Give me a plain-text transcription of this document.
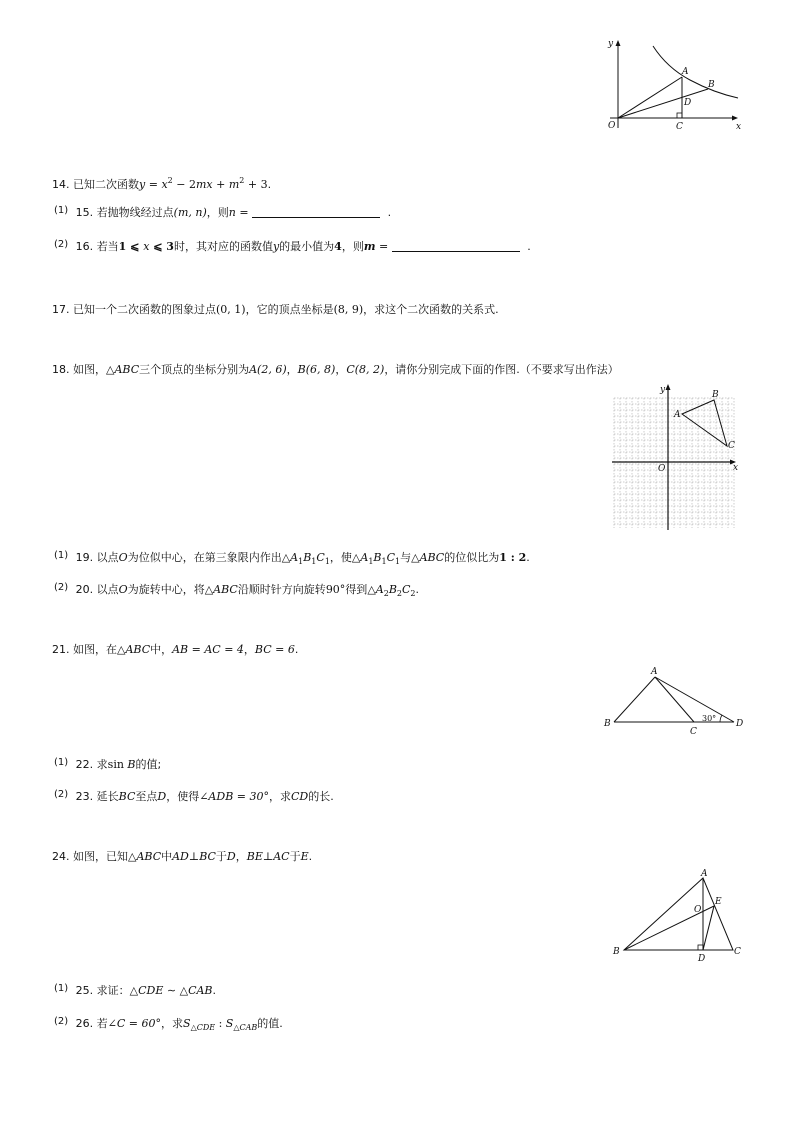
y
x
O
A
B
C
D
14. 已知二次函数$y = x^2 - 2mx + m^2 + 3$.
(1) 15. 若抛物线经过点(m, n)，则n =	.
(2) 16. 若当1 ⩽ x ⩽ 3时，其对应的函数值y的最小值为4，则m =	.
17. 已知一个二次函数的图象过点(0, 1)，它的顶点坐标是(8, 9)，求这个二次函数的关系式.
18. 如图，△ABC三个顶点的坐标分别为A(2, 6)，B(6, 8)，C(8, 2)，请你分别完成下面的作图.（不要求写出作法）
y
x
O
A
B
C
(1) 19. 以点O为位似中心，在第三象限内作出$\triangle A_1B_1C_1$，使$\triangle A_1B_1C_1$与△ABC的位似比为1 : 2.
(2) 20. 以点O为旋转中心，将△ABC沿顺时针方向旋转90°得到$\triangle A_2B_2C_2$.
21. 如图，在△ABC中，AB = AC = 4，BC = 6.
A
B
C
D
30°
(1) 22. 求sin B的值;
(2) 23. 延长BC至点D，使得∠ADB = 30°，求CD的长.
24. 如图，已知△ABC中AD⊥BC于D，BE⊥AC于E.
A
B	C
D
E
O
(1) 25. 求证：△CDE ∼ △CAB.
(2) 26. 若∠C = 60°，求$S_{\triangle CDE}$ : $S_{\triangle CAB}$的值.
